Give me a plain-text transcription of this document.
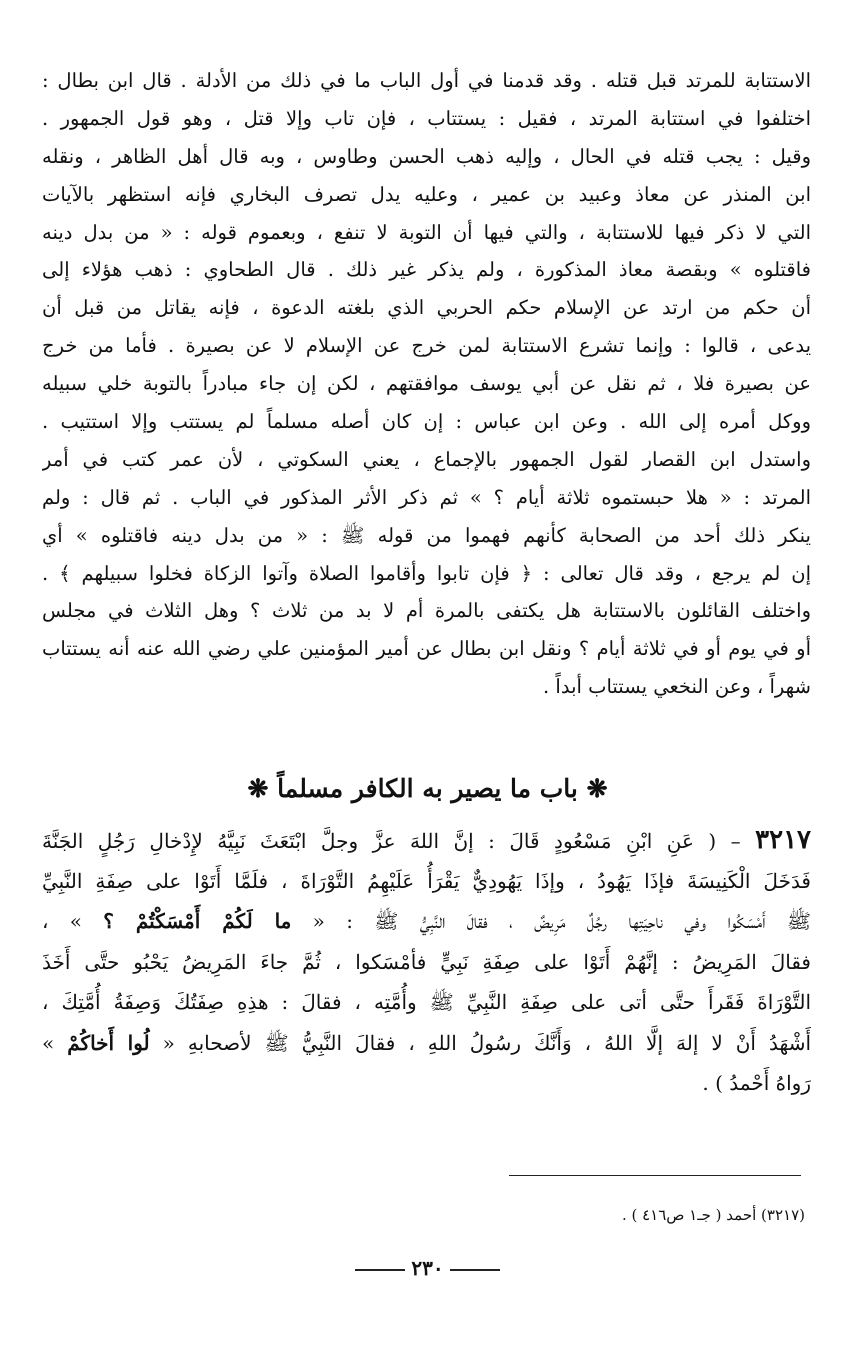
الاستتابة للمرتد قبل قتله . وقد قدمنا في أول الباب ما في ذلك من الأدلة . قال ابن بطال :
اختلفوا في استتابة المرتد ، فقيل : يستتاب ، فإن تاب وإلا قتل ، وهو قول الجمهور .
وقيل : يجب قتله في الحال ، وإليه ذهب الحسن وطاوس ، وبه قال أهل الظاهر ، ونقله
ابن المنذر عن معاذ وعبيد بن عمير ، وعليه يدل تصرف البخاري فإنه استظهر بالآيات
التي لا ذكر فيها للاستتابة ، والتي فيها أن التوبة لا تنفع ، وبعموم قوله : « من بدل دينه
فاقتلوه » وبقصة معاذ المذكورة ، ولم يذكر غير ذلك . قال الطحاوي : ذهب هؤلاء إلى
أن حكم من ارتد عن الإسلام حكم الحربي الذي بلغته الدعوة ، فإنه يقاتل من قبل أن
يدعى ، قالوا : وإنما تشرع الاستتابة لمن خرج عن الإسلام لا عن بصيرة . فأما من خرج
عن بصيرة فلا ، ثم نقل عن أبي يوسف موافقتهم ، لكن إن جاء مبادراً بالتوبة خلي سبيله
ووكل أمره إلى الله . وعن ابن عباس : إن كان أصله مسلماً لم يستتب وإلا استتيب .
واستدل ابن القصار لقول الجمهور بالإجماع ، يعني السكوتي ، لأن عمر كتب في أمر
المرتد : « هلا حبستموه ثلاثة أيام ؟ » ثم ذكر الأثر المذكور في الباب . ثم قال : ولم
ينكر ذلك أحد من الصحابة كأنهم فهموا من قوله ﷺ : « من بدل دينه فاقتلوه » أي
إن لم يرجع ، وقد قال تعالى : ﴿ فإن تابوا وأقاموا الصلاة وآتوا الزكاة فخلوا سبيلهم ﴾ .
واختلف القائلون بالاستتابة هل يكتفى بالمرة أم لا بد من ثلاث ؟ وهل الثلاث في مجلس
أو في يوم أو في ثلاثة أيام ؟ ونقل ابن بطال عن أمير المؤمنين علي رضي الله عنه أنه يستتاب
شهراً ، وعن النخعي يستتاب أبداً .
❋ باب ما يصير به الكافر مسلماً ❋
٣٢١٧ – ( عَنِ ابْنِ مَسْعُودٍ قَالَ : إنَّ اللهَ عزَّ وجلَّ ابْتَعَثَ نَبِيَّهُ لإِدْخالِ رَجُلٍ الجَنَّةَ
فَدَخَلَ الْكَنِيسَةَ فإذَا يَهُودُ ، وإذَا يَهُودِيٌّ يَقْرَأُ عَلَيْهِمُ التَّوْرَاةَ ، فلَمَّا أَتَوْا على صِفَةِ النَّبِيِّ
ﷺ أَمْسَكُوا وفي ناحِيَتِها رجُلٌ مَرِيضٌ ، فقالَ النَّبِيُّ ﷺ : « ما لَكُمْ أَمْسَكْتُمْ ؟ » ،
فقالَ المَرِيضُ : إنَّهُمْ أَتَوْا على صِفَةِ نَبِيٍّ فأمْسَكوا ، ثُمَّ جاءَ المَرِيضُ يَحْبُو حتَّى أَخَذَ
التَّوْرَاةَ فَقَرأَ حتَّى أتى على صِفَةِ النَّبِيِّ ﷺ وأُمَّتِه ، فقالَ : هذِهِ صِفَتُكَ وَصِفَةُ أُمَّتِكَ ،
أَشْهَدُ أَنْ لا إلهَ إلَّا اللهُ ، وَأَنَّكَ رسُولُ اللهِ ، فقالَ النَّبِيُّ ﷺ لأصحابهِ « لُوا أَخاكُمْ »
رَواهُ أَحْمدُ ) .
(٣٢١٧) أحمد ( جـ١ ص٤١٦ ) .
٢٣٠
